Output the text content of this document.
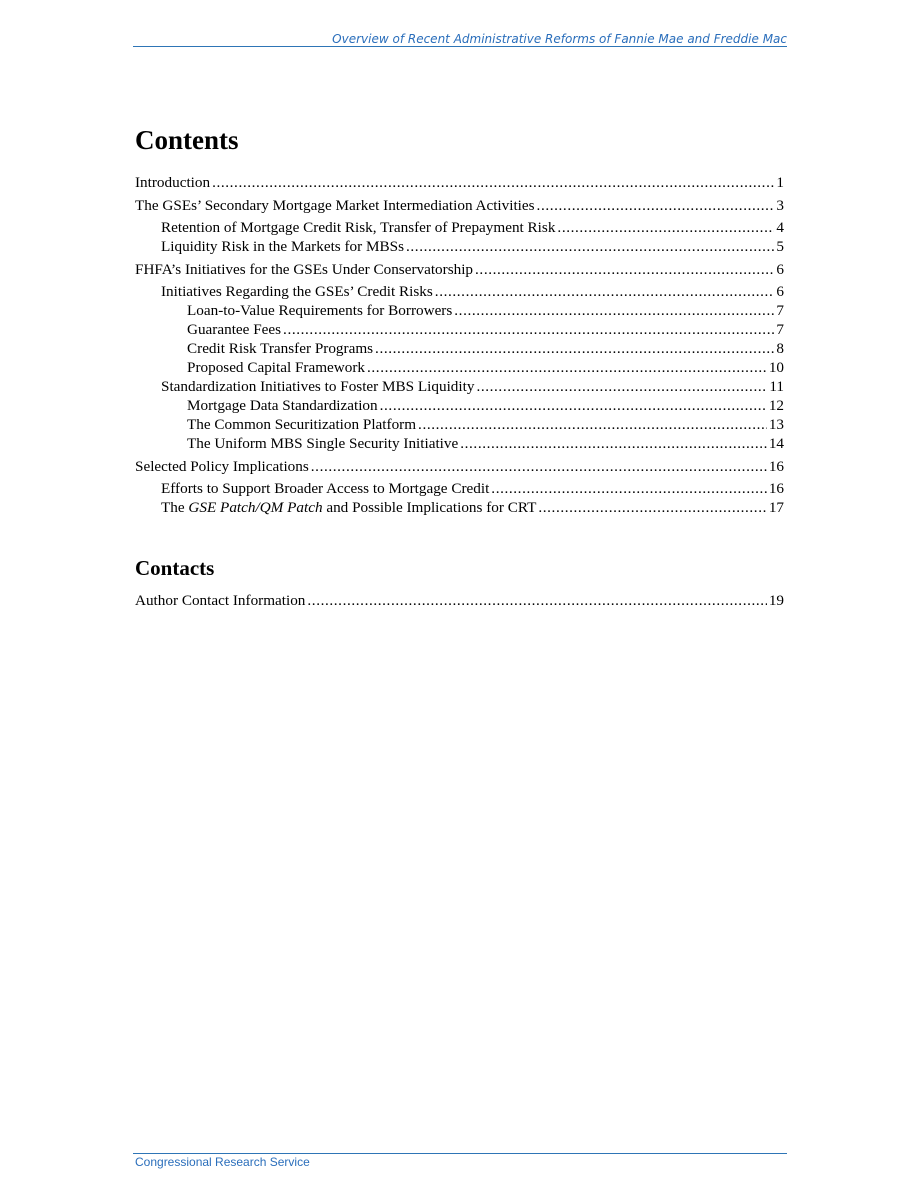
Overview of Recent Administrative Reforms of Fannie Mae and Freddie Mac
Contents
Introduction .....	1
The GSEs’ Secondary Mortgage Market Intermediation Activities .....	3
Retention of Mortgage Credit Risk, Transfer of Prepayment Risk .....	4
Liquidity Risk in the Markets for MBSs .....	5
FHFA’s Initiatives for the GSEs Under Conservatorship .....	6
Initiatives Regarding the GSEs’ Credit Risks .....	6
Loan-to-Value Requirements for Borrowers .....	7
Guarantee Fees .....	7
Credit Risk Transfer Programs .....	8
Proposed Capital Framework .....	10
Standardization Initiatives to Foster MBS Liquidity .....	11
Mortgage Data Standardization .....	12
The Common Securitization Platform .....	13
The Uniform MBS Single Security Initiative .....	14
Selected Policy Implications .....	16
Efforts to Support Broader Access to Mortgage Credit .....	16
The GSE Patch/QM Patch and Possible Implications for CRT .....	17
Contacts
Author Contact Information .....	19
Congressional Research Service
